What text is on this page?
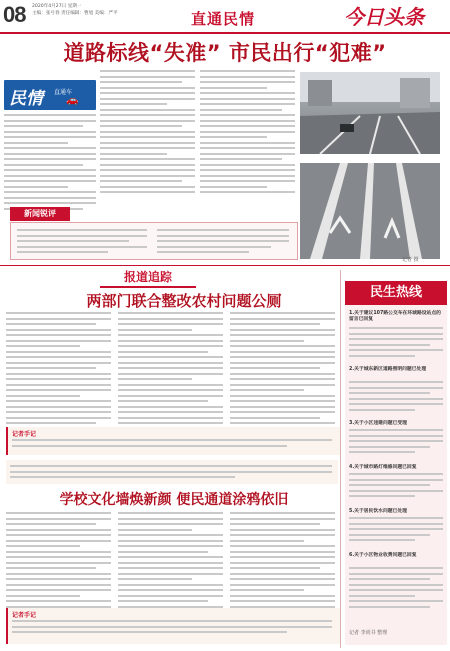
08 2020年4月27日 星期一
主编：张号春 责任编辑：曹旭 美编：严平	直通民情	今日头条
道路标线“失准” 市民出行“犯难”
民情 直通车
🚗
记者 摄
新闻锐评
报道追踪
两部门联合整改农村问题公厕
记者手记
学校文化墙焕新颜 便民通道涂鸦依旧
记者手记
民生热线
1.关于建议107路公交车在环城路设站点的留言已回复
2.关于城东新区道路照明问题已处理
3.关于小区违建问题已受理
4.关于城市路灯维修问题已回复
5.关于居民饮水问题已处理
6.关于小区物业收费问题已回复
记者 李尚书 整理
